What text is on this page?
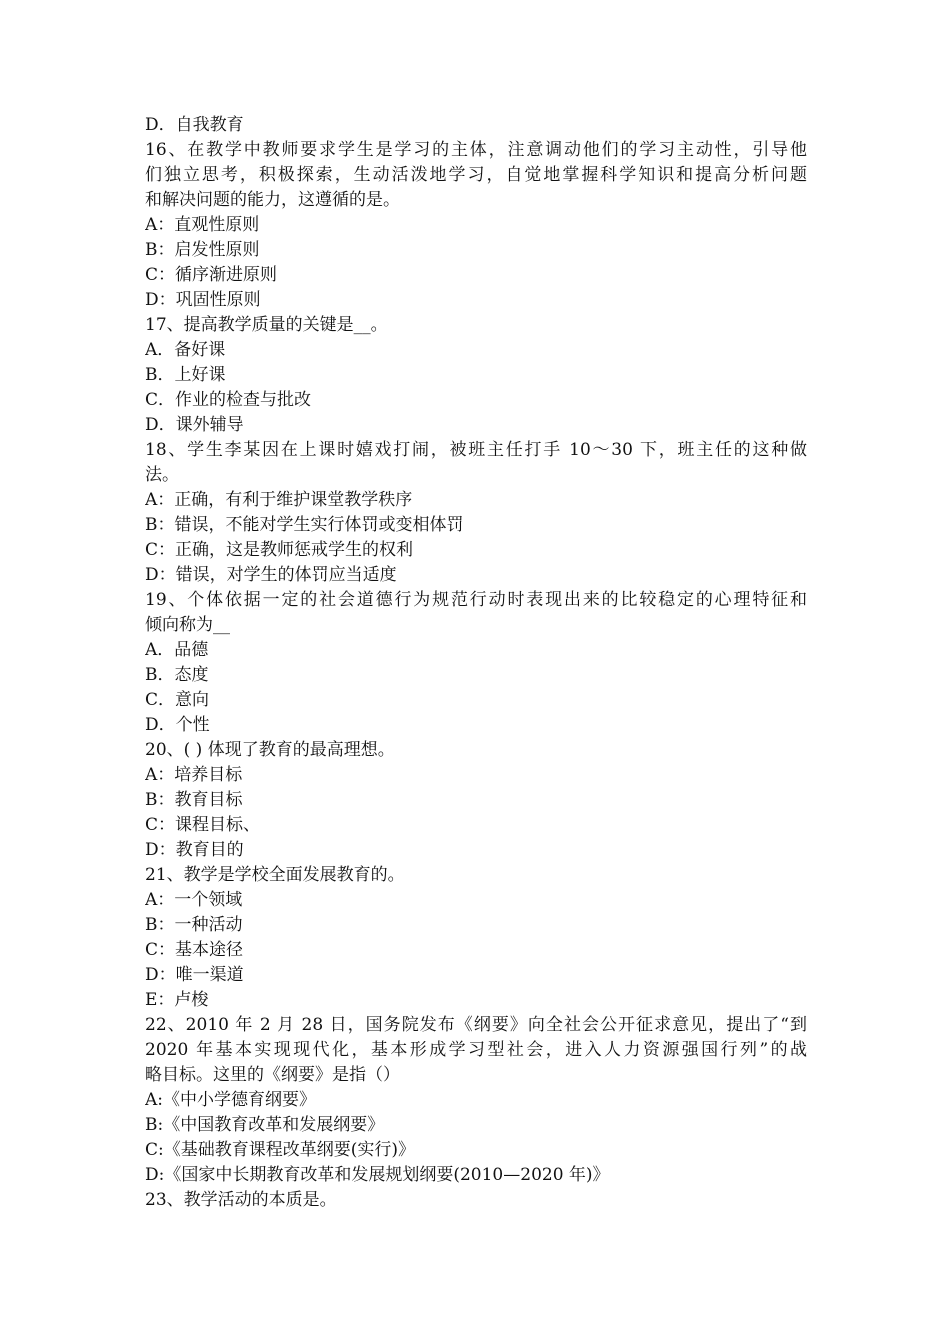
D．自我教育
16、在教学中教师要求学生是学习的主体，注意调动他们的学习主动性，引导他
们独立思考，积极探索，生动活泼地学习，自觉地掌握科学知识和提高分析问题
和解决问题的能力，这遵循的是。
A：直观性原则
B：启发性原则
C：循序渐进原则
D：巩固性原则
17、提高教学质量的关键是__。
A．备好课
B．上好课
C．作业的检查与批改
D．课外辅导
18、学生李某因在上课时嬉戏打闹，被班主任打手 10～30 下，班主任的这种做
法。
A：正确，有利于维护课堂教学秩序
B：错误，不能对学生实行体罚或变相体罚
C：正确，这是教师惩戒学生的权利
D：错误，对学生的体罚应当适度
19、个体依据一定的社会道德行为规范行动时表现出来的比较稳定的心理特征和
倾向称为__
A．品德
B．态度
C．意向
D．个性
20、( ) 体现了教育的最高理想。
A：培养目标
B：教育目标
C：课程目标、
D：教育目的
21、教学是学校全面发展教育的。
A：一个领域
B：一种活动
C：基本途径
D：唯一渠道
E：卢梭
22、2010 年 2 月 28 日，国务院发布《纲要》向全社会公开征求意见，提出了“到
2020 年基本实现现代化，基本形成学习型社会，进入人力资源强国行列”的战
略目标。这里的《纲要》是指（）
A:《中小学德育纲要》
B:《中国教育改革和发展纲要》
C:《基础教育课程改革纲要(实行)》
D:《国家中长期教育改革和发展规划纲要(2010—2020 年)》
23、教学活动的本质是。
